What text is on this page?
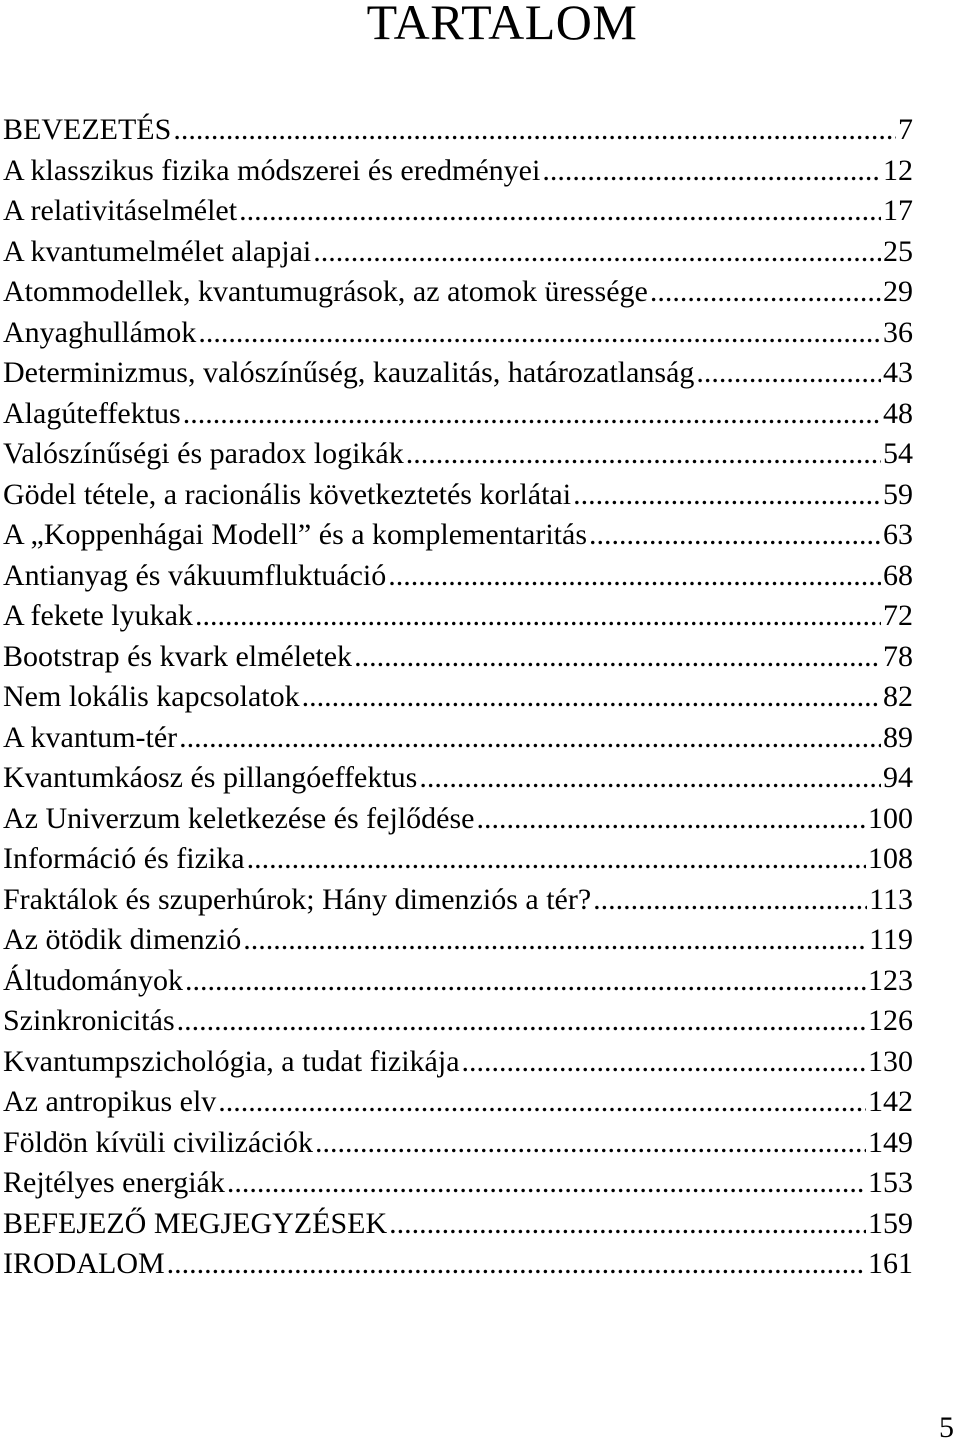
TARTALOM
BEVEZETÉS .....	7
A klasszikus fizika módszerei és eredményei .....	12
A relativitáselmélet .....	17
A kvantumelmélet alapjai .....	25
Atommodellek, kvantumugrások, az atomok üressége .....	29
Anyaghullámok .....	36
Determinizmus, valószínűség, kauzalitás, határozatlanság .....	43
Alagúteffektus .....	48
Valószínűségi és paradox logikák .....	54
Gödel tétele, a racionális következtetés korlátai .....	59
A „Koppenhágai Modell” és a komplementaritás .....	63
Antianyag és vákuumfluktuáció .....	68
A fekete lyukak .....	72
Bootstrap és kvark elméletek .....	78
Nem lokális kapcsolatok .....	82
A kvantum-tér .....	89
Kvantumkáosz és pillangóeffektus .....	94
Az Univerzum keletkezése és fejlődése .....	100
Információ és fizika .....	108
Fraktálok és szuperhúrok; Hány dimenziós a tér? .....	113
Az ötödik dimenzió .....	119
Áltudományok .....	123
Szinkronicitás .....	126
Kvantumpszichológia, a tudat fizikája .....	130
Az antropikus elv .....	142
Földön kívüli civilizációk .....	149
Rejtélyes energiák .....	153
BEFEJEZŐ MEGJEGYZÉSEK .....	159
IRODALOM .....	161
5
